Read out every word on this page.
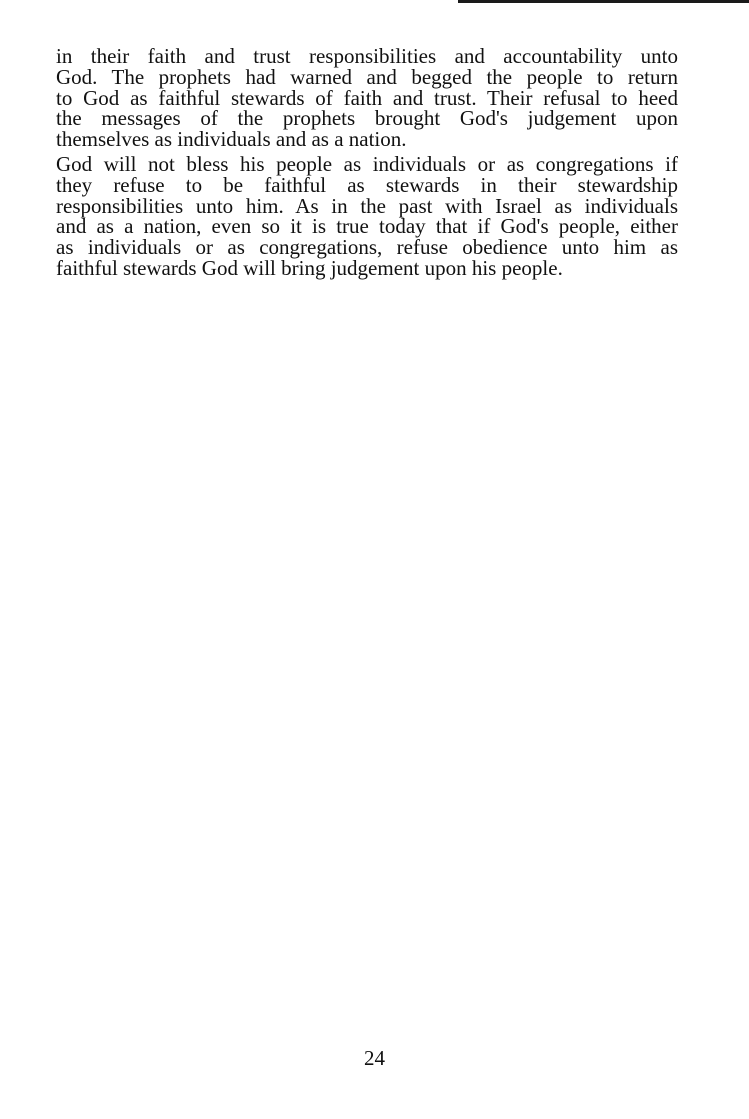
in their faith and trust responsibilities and accountability unto
God. The prophets had warned and begged the people to return
to God as faithful stewards of faith and trust. Their refusal to heed
the messages of the prophets brought God's judgement upon
themselves as individuals and as a nation.
God will not bless his people as individuals or as congregations if
they refuse to be faithful as stewards in their stewardship
responsibilities unto him. As in the past with Israel as individuals
and as a nation, even so it is true today that if God's people, either
as individuals or as congregations, refuse obedience unto him as
faithful stewards God will bring judgement upon his people.
24
